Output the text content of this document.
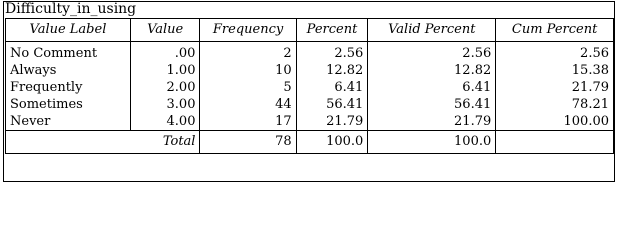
Difficulty_in_using
Value Label	Value	Frequency	Percent	Valid Percent	Cum Percent
No Comment	.00	2	2.56	2.56	2.56
Always	1.00	10	12.82	12.82	15.38
Frequently	2.00	5	6.41	6.41	21.79
Sometimes	3.00	44	56.41	56.41	78.21
Never	4.00	17	21.79	21.79	100.00
	Total	78	100.0	100.0	
